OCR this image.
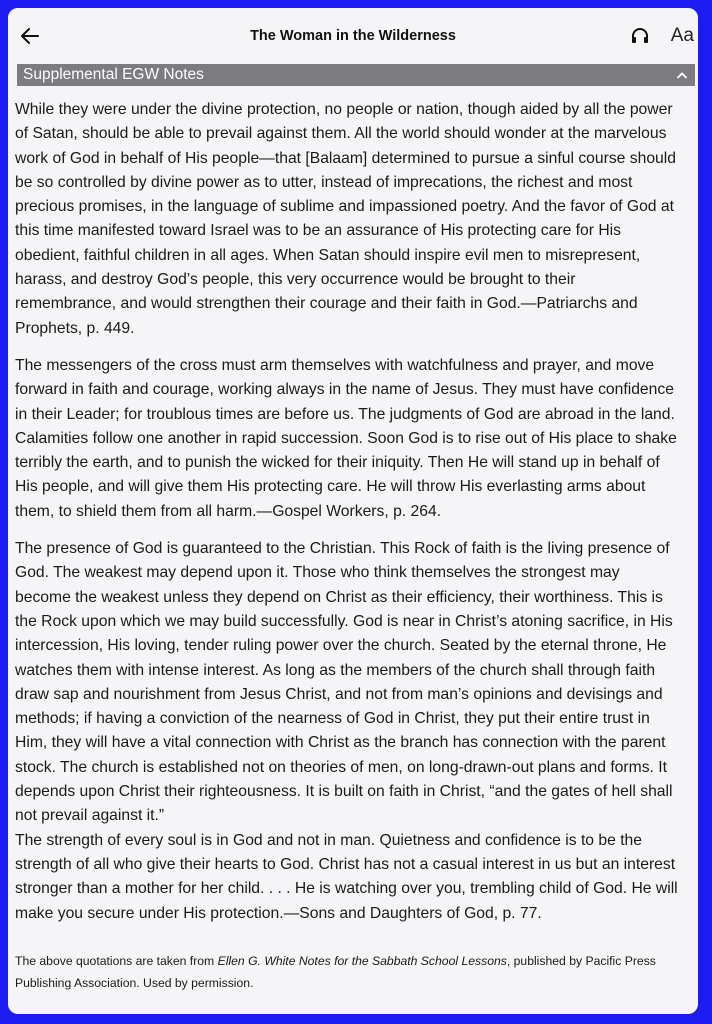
The Woman in the Wilderness	Aa
Supplemental EGW Notes

While they were under the divine protection, no people or nation, though aided by all the power of Satan, should be able to prevail against them. All the world should wonder at the marvelous work of God in behalf of His people—that [Balaam] determined to pursue a sinful course should be so controlled by divine power as to utter, instead of imprecations, the richest and most precious promises, in the language of sublime and impassioned poetry. And the favor of God at this time manifested toward Israel was to be an assurance of His protecting care for His obedient, faithful children in all ages. When Satan should inspire evil men to misrepresent, harass, and destroy God’s people, this very occurrence would be brought to their remembrance, and would strengthen their courage and their faith in God.—Patriarchs and Prophets, p. 449.

The messengers of the cross must arm themselves with watchfulness and prayer, and move forward in faith and courage, working always in the name of Jesus. They must have confidence in their Leader; for troublous times are before us. The judgments of God are abroad in the land. Calamities follow one another in rapid succession. Soon God is to rise out of His place to shake terribly the earth, and to punish the wicked for their iniquity. Then He will stand up in behalf of His people, and will give them His protecting care. He will throw His everlasting arms about them, to shield them from all harm.—Gospel Workers, p. 264.

The presence of God is guaranteed to the Christian. This Rock of faith is the living presence of God. The weakest may depend upon it. Those who think themselves the strongest may become the weakest unless they depend on Christ as their efficiency, their worthiness. This is the Rock upon which we may build successfully. God is near in Christ’s atoning sacrifice, in His intercession, His loving, tender ruling power over the church. Seated by the eternal throne, He watches them with intense interest. As long as the members of the church shall through faith draw sap and nourishment from Jesus Christ, and not from man’s opinions and devisings and methods; if having a conviction of the nearness of God in Christ, they put their entire trust in Him, they will have a vital connection with Christ as the branch has connection with the parent stock. The church is established not on theories of men, on long-drawn-out plans and forms. It depends upon Christ their righteousness. It is built on faith in Christ, “and the gates of hell shall not prevail against it.”

The strength of every soul is in God and not in man. Quietness and confidence is to be the strength of all who give their hearts to God. Christ has not a casual interest in us but an interest stronger than a mother for her child. . . . He is watching over you, trembling child of God. He will make you secure under His protection.—Sons and Daughters of God, p. 77.

The above quotations are taken from Ellen G. White Notes for the Sabbath School Lessons, published by Pacific Press Publishing Association. Used by permission.
